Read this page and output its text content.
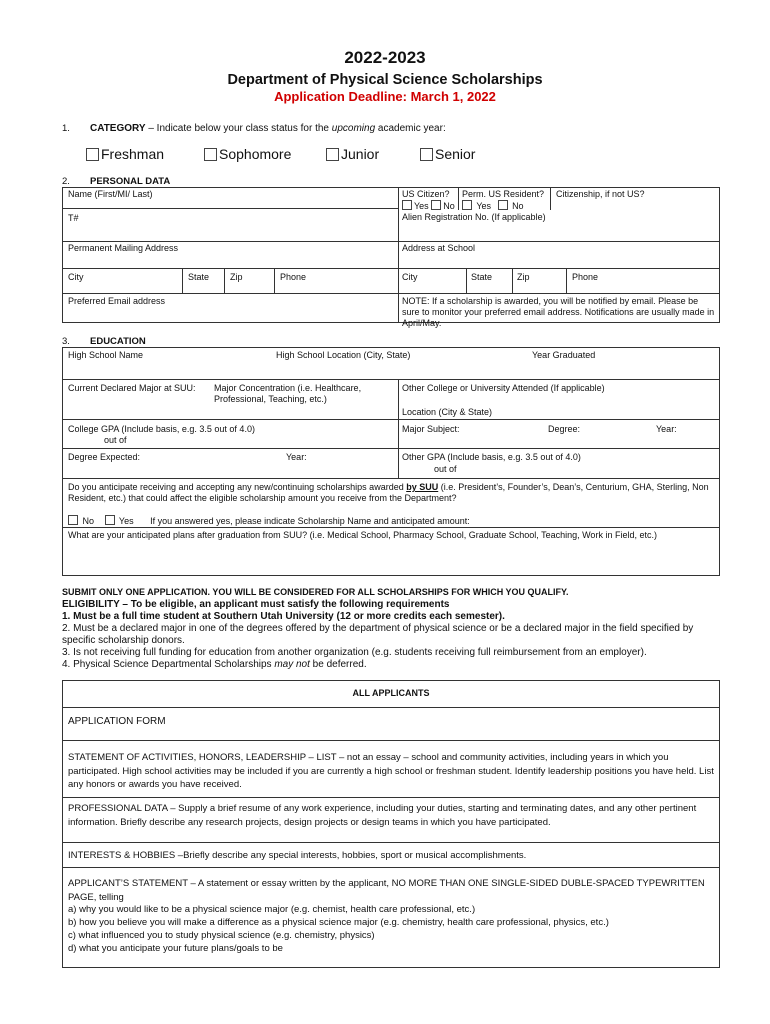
2022-2023
Department of Physical Science Scholarships
Application Deadline: March 1, 2022
1. CATEGORY – Indicate below your class status for the upcoming academic year:
Freshman	Sophomore	Junior	Senior
2. PERSONAL DATA
Name (First/MI/ Last)	US Citizen?
Yes No
Perm. US Resident?
Yes No
Citizenship, if not US?
T#	Alien Registration No. (If applicable)
Permanent Mailing Address	Address at School
City	State Zip	Phone	City	State	Zip	Phone
Preferred Email address	NOTE: If a scholarship is awarded, you will be notified by email. Please be sure to monitor your preferred email address. Notifications are usually made in April/May.
3. EDUCATION
High School Name	High School Location (City, State)	Year Graduated
Current Declared Major at SUU: Major Concentration (i.e. Healthcare, Professional, Teaching, etc.)
Other College or University Attended (If applicable)
Location (City & State)
College GPA (Include basis, e.g. 3.5 out of 4.0)
out of
Major Subject:	Degree:	Year:
Degree Expected:	Year:	Other GPA (Include basis, e.g. 3.5 out of 4.0)
out of
Do you anticipate receiving and accepting any new/continuing scholarships awarded by SUU (i.e. President’s, Founder’s, Dean’s, Centurium, GHA, Sterling, Non Resident, etc.) that could affect the eligible scholarship amount you receive from the Department?
No	Yes If you answered yes, please indicate Scholarship Name and anticipated amount:
What are your anticipated plans after graduation from SUU? (i.e. Medical School, Pharmacy School, Graduate School, Teaching, Work in Field, etc.)
SUBMIT ONLY ONE APPLICATION. YOU WILL BE CONSIDERED FOR ALL SCHOLARSHIPS FOR WHICH YOU QUALIFY.
ELIGIBILITY – To be eligible, an applicant must satisfy the following requirements
1. Must be a full time student at Southern Utah University (12 or more credits each semester).
2. Must be a declared major in one of the degrees offered by the department of physical science or be a declared major in the field specified by specific scholarship donors.
3. Is not receiving full funding for education from another organization (e.g. students receiving full reimbursement from an employer).
4. Physical Science Departmental Scholarships may not be deferred.
ALL APPLICANTS
APPLICATION FORM
STATEMENT OF ACTIVITIES, HONORS, LEADERSHIP – LIST – not an essay – school and community activities, including years in which you participated. High school activities may be included if you are currently a high school or freshman student. Identify leadership positions you have held. List any honors or awards you have received.
PROFESSIONAL DATA – Supply a brief resume of any work experience, including your duties, starting and terminating dates, and any other pertinent information. Briefly describe any research projects, design projects or design teams in which you have participated.
INTERESTS & HOBBIES –Briefly describe any special interests, hobbies, sport or musical accomplishments.
APPLICANT’S STATEMENT – A statement or essay written by the applicant, NO MORE THAN ONE SINGLE-SIDED DUBLE-SPACED TYPEWRITTEN PAGE, telling
a) why you would like to be a physical science major (e.g. chemist, health care professional, etc.)
b) how you believe you will make a difference as a physical science major (e.g. chemistry, health care professional, physics, etc.)
c) what influenced you to study physical science (e.g. chemistry, physics)
d) what you anticipate your future plans/goals to be
